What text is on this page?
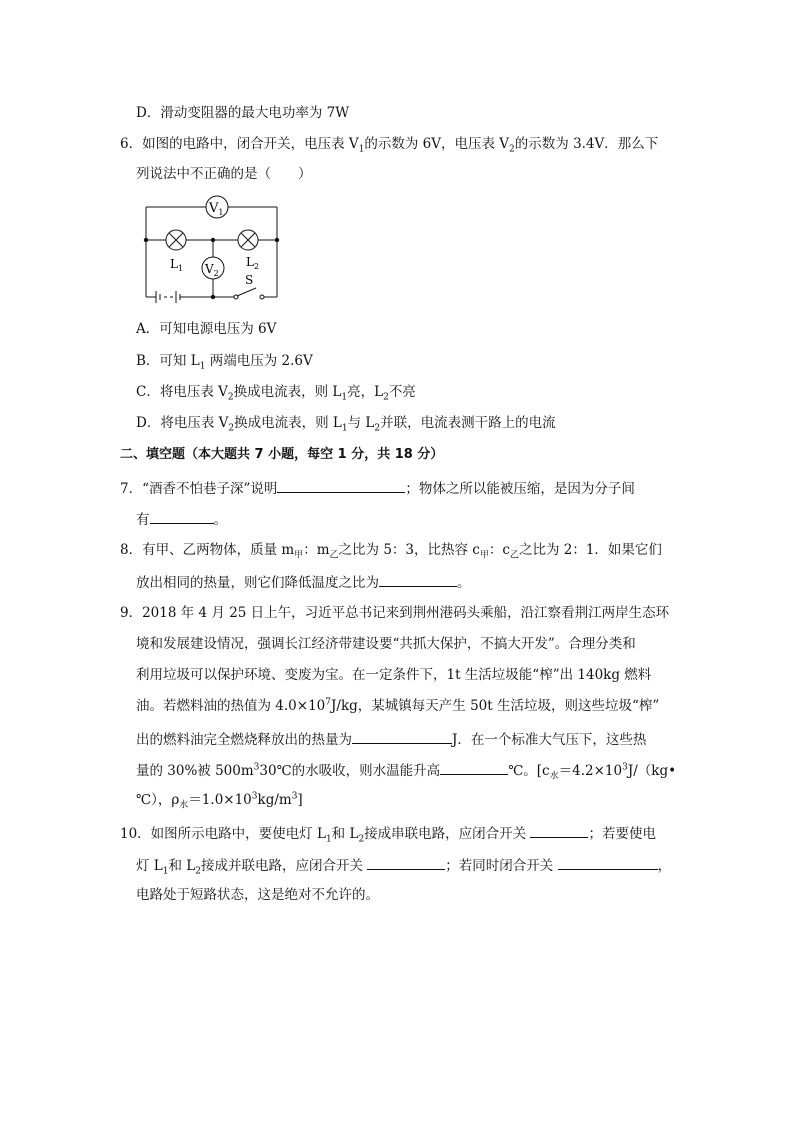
D．滑动变阻器的最大电功率为 7W
6．如图的电路中，闭合开关，电压表 $V_1$的示数为 6V，电压表 $V_2$的示数为 3.4V．那么下
列说法中不正确的是（　　）
$V_1$
$L_1$	$L_2$
$V_2$ S
A．可知电源电压为 6V
B．可知 $L_1$ 两端电压为 2.6V
C．将电压表 $V_2$换成电流表，则 $L_1$亮，$L_2$不亮
D．将电压表 $V_2$换成电流表，则 $L_1$与 $L_2$并联，电流表测干路上的电流
二、填空题（本大题共 7 小题，每空 1 分，共 18 分）
7．“酒香不怕巷子深”说明	；物体之所以能被压缩，是因为分子间
有	。
8．有甲、乙两物体，质量 $m_甲$：$m_乙$之比为 5：3，比热容 $c_甲$：$c_乙$之比为 2：1．如果它们
放出相同的热量，则它们降低温度之比为	。
9．2018 年 4 月 25 日上午，习近平总书记来到荆州港码头乘船，沿江察看荆江两岸生态环
境和发展建设情况，强调长江经济带建设要“共抓大保护，不搞大开发”。合理分类和
利用垃圾可以保护环境、变废为宝。在一定条件下，1t 生活垃圾能“榨”出 140kg 燃料
油。若燃料油的热值为 $4.0\times 10^7J/kg$，某城镇每天产生 50t 生活垃圾，则这些垃圾“榨”
出的燃料油完全燃烧释放出的热量为	J．在一个标准大气压下，这些热
量的 30%被 $500m^330℃$的水吸收，则水温能升高	℃。[$c_水=4.2\times 10^3J/(kg•$
℃），$\rho_水=1.0\times 10^3kg/m^3$]
10．如图所示电路中，要使电灯 $L_1$和 $L_2$接成串联电路，应闭合开关	；若要使电
灯 $L_1$和 $L_2$接成并联电路，应闭合开关	；若同时闭合开关	，
电路处于短路状态，这是绝对不允许的。
